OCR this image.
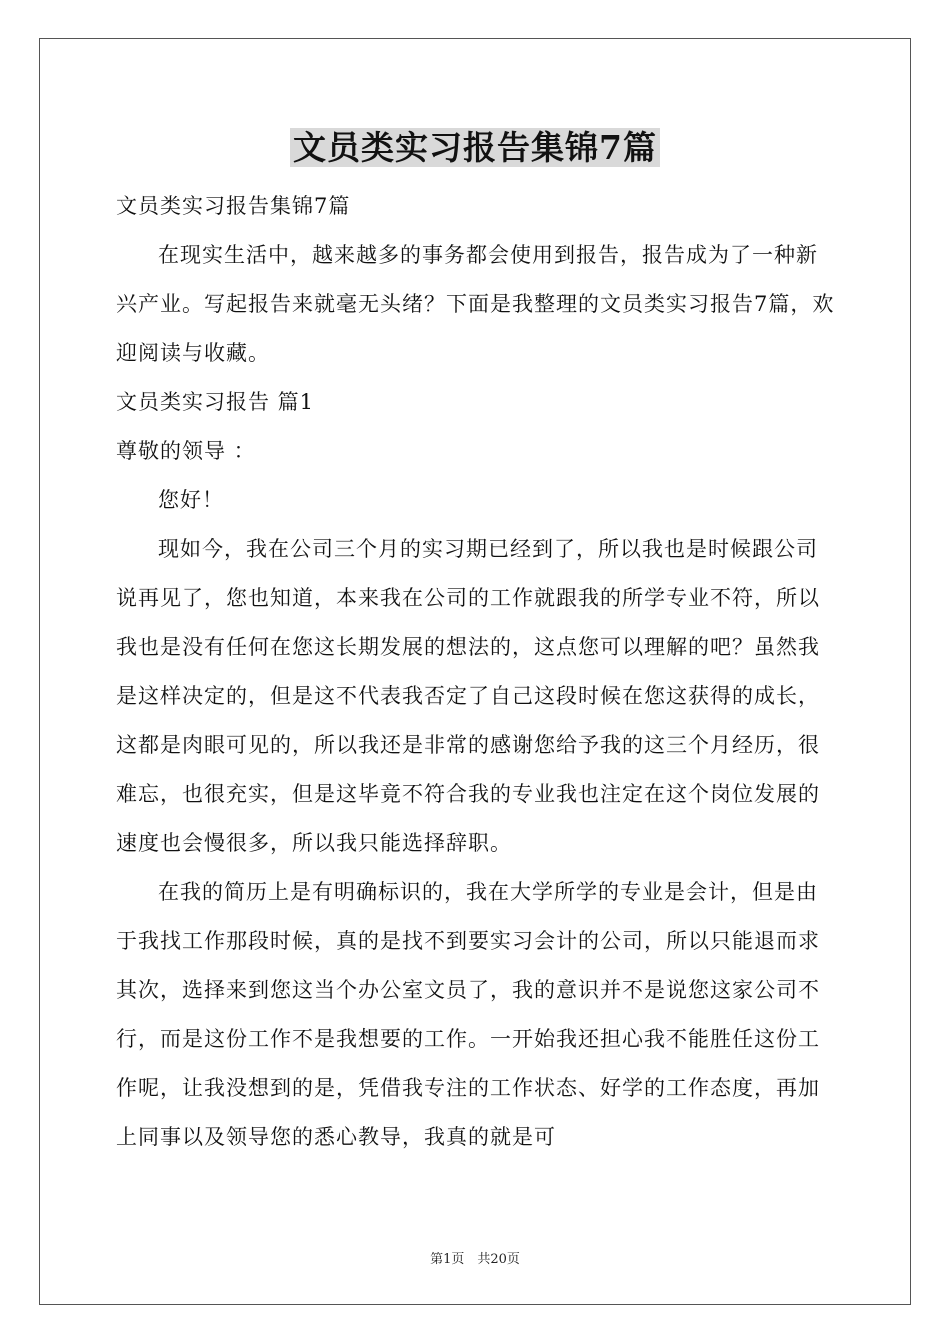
文员类实习报告集锦7篇

文员类实习报告集锦7篇

在现实生活中，越来越多的事务都会使用到报告，报告成为了一种新兴产业。写起报告来就毫无头绪？下面是我整理的文员类实习报告7篇，欢迎阅读与收藏。

文员类实习报告 篇1

尊敬的领导 ：

您好！

现如今，我在公司三个月的实习期已经到了，所以我也是时候跟公司说再见了，您也知道，本来我在公司的工作就跟我的所学专业不符，所以我也是没有任何在您这长期发展的想法的，这点您可以理解的吧？虽然我是这样决定的，但是这不代表我否定了自己这段时候在您这获得的成长，这都是肉眼可见的，所以我还是非常的感谢您给予我的这三个月经历，很难忘，也很充实，但是这毕竟不符合我的专业我也注定在这个岗位发展的速度也会慢很多，所以我只能选择辞职。

在我的简历上是有明确标识的，我在大学所学的专业是会计，但是由于我找工作那段时候，真的是找不到要实习会计的公司，所以只能退而求其次，选择来到您这当个办公室文员了，我的意识并不是说您这家公司不行，而是这份工作不是我想要的工作。一开始我还担心我不能胜任这份工作呢，让我没想到的是，凭借我专注的工作状态、好学的工作态度，再加上同事以及领导您的悉心教导，我真的就是可

第1页　共20页
